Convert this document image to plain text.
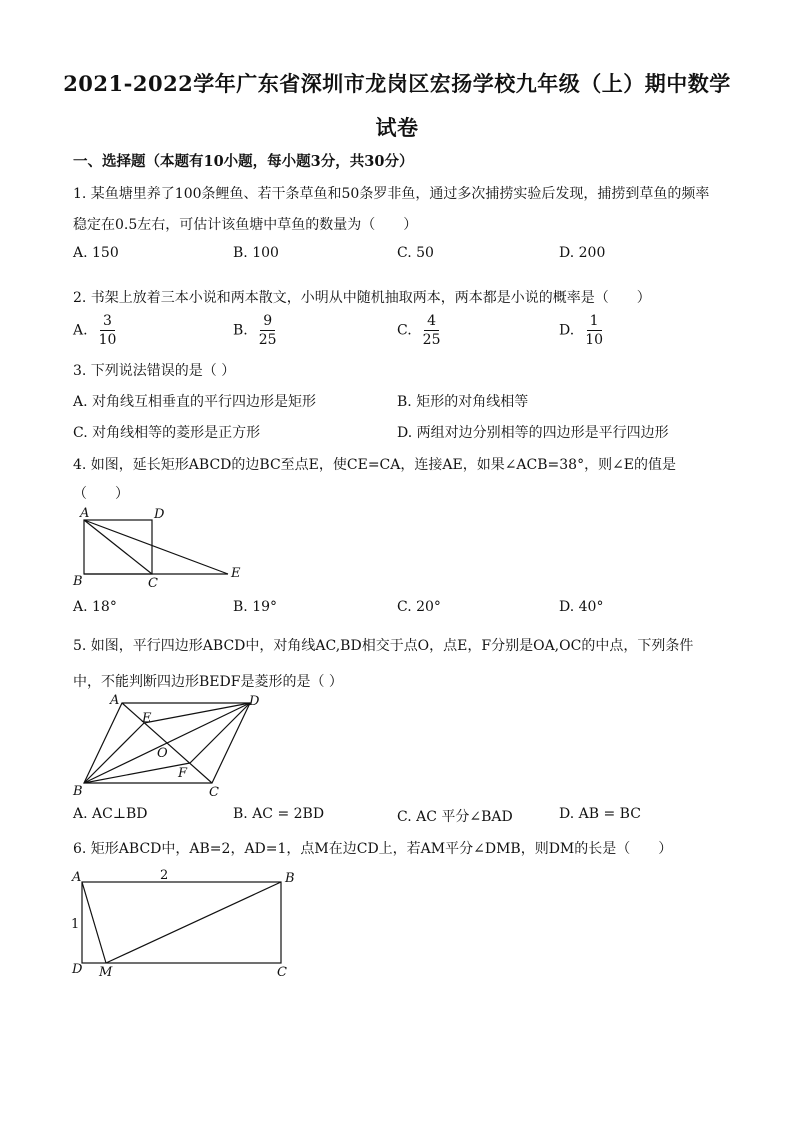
2021-2022学年广东省深圳市龙岗区宏扬学校九年级（上）期中数学
试卷
一、选择题（本题有10小题，每小题3分，共30分）
1. 某鱼塘里养了100条鲤鱼、若干条草鱼和50条罗非鱼，通过多次捕捞实验后发现，捕捞到草鱼的频率
稳定在0.5左右，可估计该鱼塘中草鱼的数量为（　　）
A. 150	B. 100	C. 50	D. 200
2. 书架上放着三本小说和两本散文，小明从中随机抽取两本，两本都是小说的概率是（　　）
A. $\frac{3}{10}$	B. $\frac{9}{25}$	C. $\frac{4}{25}$	D. $\frac{1}{10}$
3. 下列说法错误的是（ ）
A. 对角线互相垂直的平行四边形是矩形	B. 矩形的对角线相等
C. 对角线相等的菱形是正方形	D. 两组对边分别相等的四边形是平行四边形
4. 如图，延长矩形ABCD的边BC至点E，使CE=CA，连接AE，如果∠ACB=38°，则∠E的值是
（　　）
A	D
B	C
E
A. 18°	B. 19°	C. 20°	D. 40°
5. 如图，平行四边形ABCD中，对角线AC,BD相交于点O，点E，F分别是OA,OC的中点，下列条件
中，不能判断四边形BEDF是菱形的是（ ）
A	D
E
O
F
B	C
A. AC⊥BD	B. AC = 2BD	C. AC 平分∠BAD	D. AB = BC
6. 矩形ABCD中，AB=2，AD=1，点M在边CD上，若AM平分∠DMB，则DM的长是（　　）
A	2	B
1
D M	C
